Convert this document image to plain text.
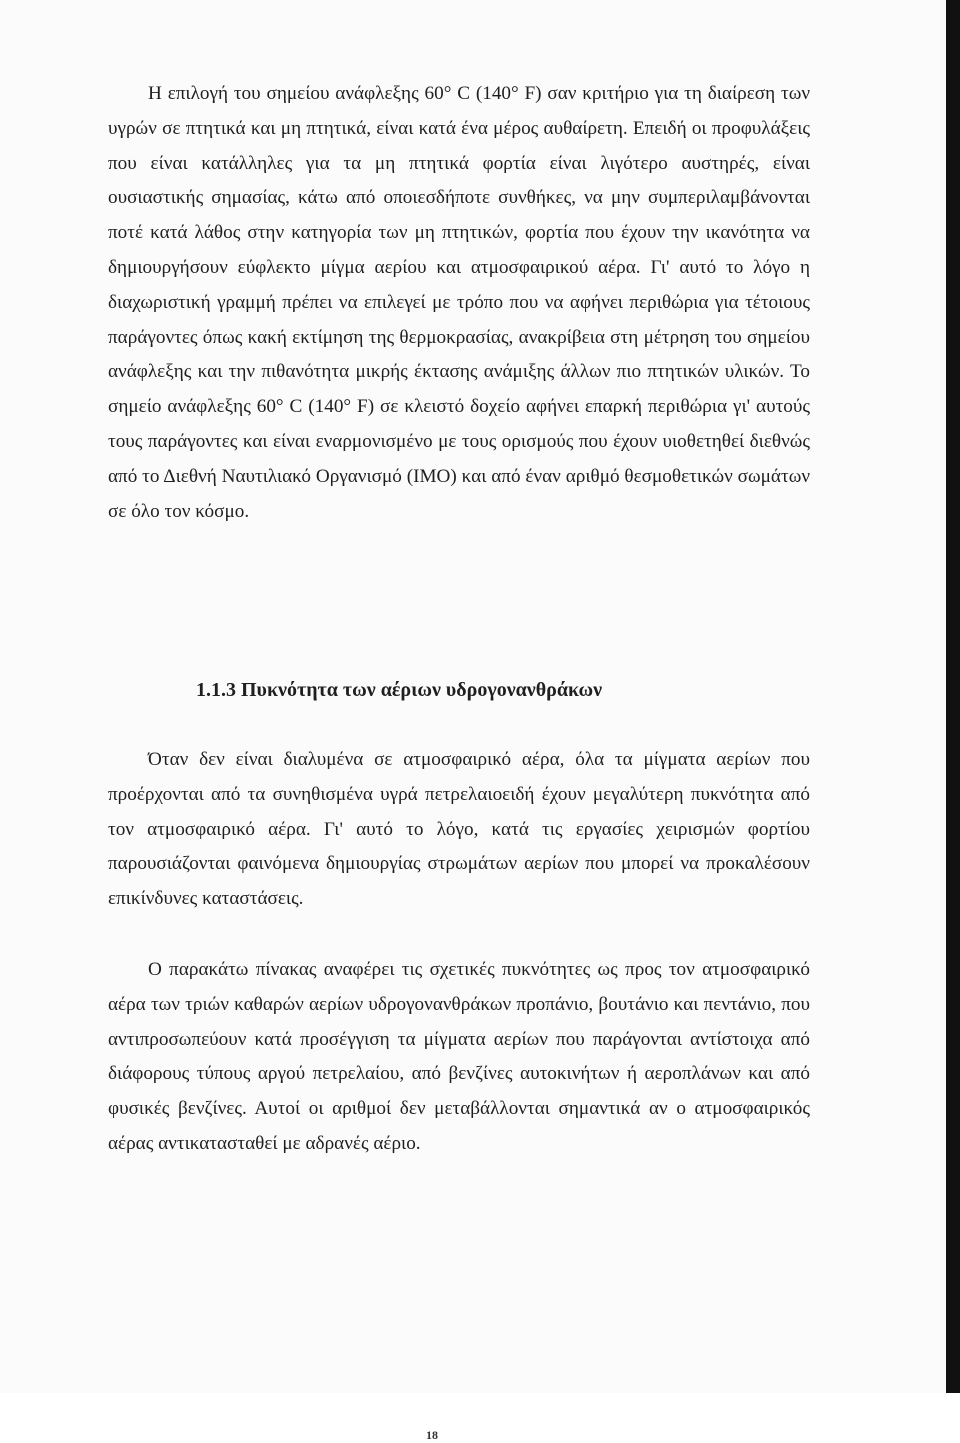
Η επιλογή του σημείου ανάφλεξης 60° C (140° F) σαν κριτήριο για τη διαίρεση των υγρών σε πτητικά και μη πτητικά, είναι κατά ένα μέρος αυθαίρετη. Επειδή οι προφυλάξεις που είναι κατάλληλες για τα μη πτητικά φορτία είναι λιγότερο αυστηρές, είναι ουσιαστικής σημασίας, κάτω από οποιεσδήποτε συνθήκες, να μην συμπεριλαμβάνονται ποτέ κατά λάθος στην κατηγορία των μη πτητικών, φορτία που έχουν την ικανότητα να δημιουργήσουν εύφλεκτο μίγμα αερίου και ατμοσφαιρικού αέρα. Γι' αυτό το λόγο η διαχωριστική γραμμή πρέπει να επιλεγεί με τρόπο που να αφήνει περιθώρια για τέτοιους παράγοντες όπως κακή εκτίμηση της θερμοκρασίας, ανακρίβεια στη μέτρηση του σημείου ανάφλεξης και την πιθανότητα μικρής έκτασης ανάμιξης άλλων πιο πτητικών υλικών. Το σημείο ανάφλεξης 60° C (140° F) σε κλειστό δοχείο αφήνει επαρκή περιθώρια γι' αυτούς τους παράγοντες και είναι εναρμονισμένο με τους ορισμούς που έχουν υιοθετηθεί διεθνώς από το Διεθνή Ναυτιλιακό Οργανισμό (ΙΜΟ) και από έναν αριθμό θεσμοθετικών σωμάτων σε όλο τον κόσμο.

1.1.3 Πυκνότητα των αέριων υδρογονανθράκων

Όταν δεν είναι διαλυμένα σε ατμοσφαιρικό αέρα, όλα τα μίγματα αερίων που προέρχονται από τα συνηθισμένα υγρά πετρελαιοειδή έχουν μεγαλύτερη πυκνότητα από τον ατμοσφαιρικό αέρα. Γι' αυτό το λόγο, κατά τις εργασίες χειρισμών φορτίου παρουσιάζονται φαινόμενα δημιουργίας στρωμάτων αερίων που μπορεί να προκαλέσουν επικίνδυνες καταστάσεις.

Ο παρακάτω πίνακας αναφέρει τις σχετικές πυκνότητες ως προς τον ατμοσφαιρικό αέρα των τριών καθαρών αερίων υδρογονανθράκων προπάνιο, βουτάνιο και πεντάνιο, που αντιπροσωπεύουν κατά προσέγγιση τα μίγματα αερίων που παράγονται αντίστοιχα από διάφορους τύπους αργού πετρελαίου, από βενζίνες αυτοκινήτων ή αεροπλάνων και από φυσικές βενζίνες. Αυτοί οι αριθμοί δεν μεταβάλλονται σημαντικά αν ο ατμοσφαιρικός αέρας αντικατασταθεί με αδρανές αέριο.

18
